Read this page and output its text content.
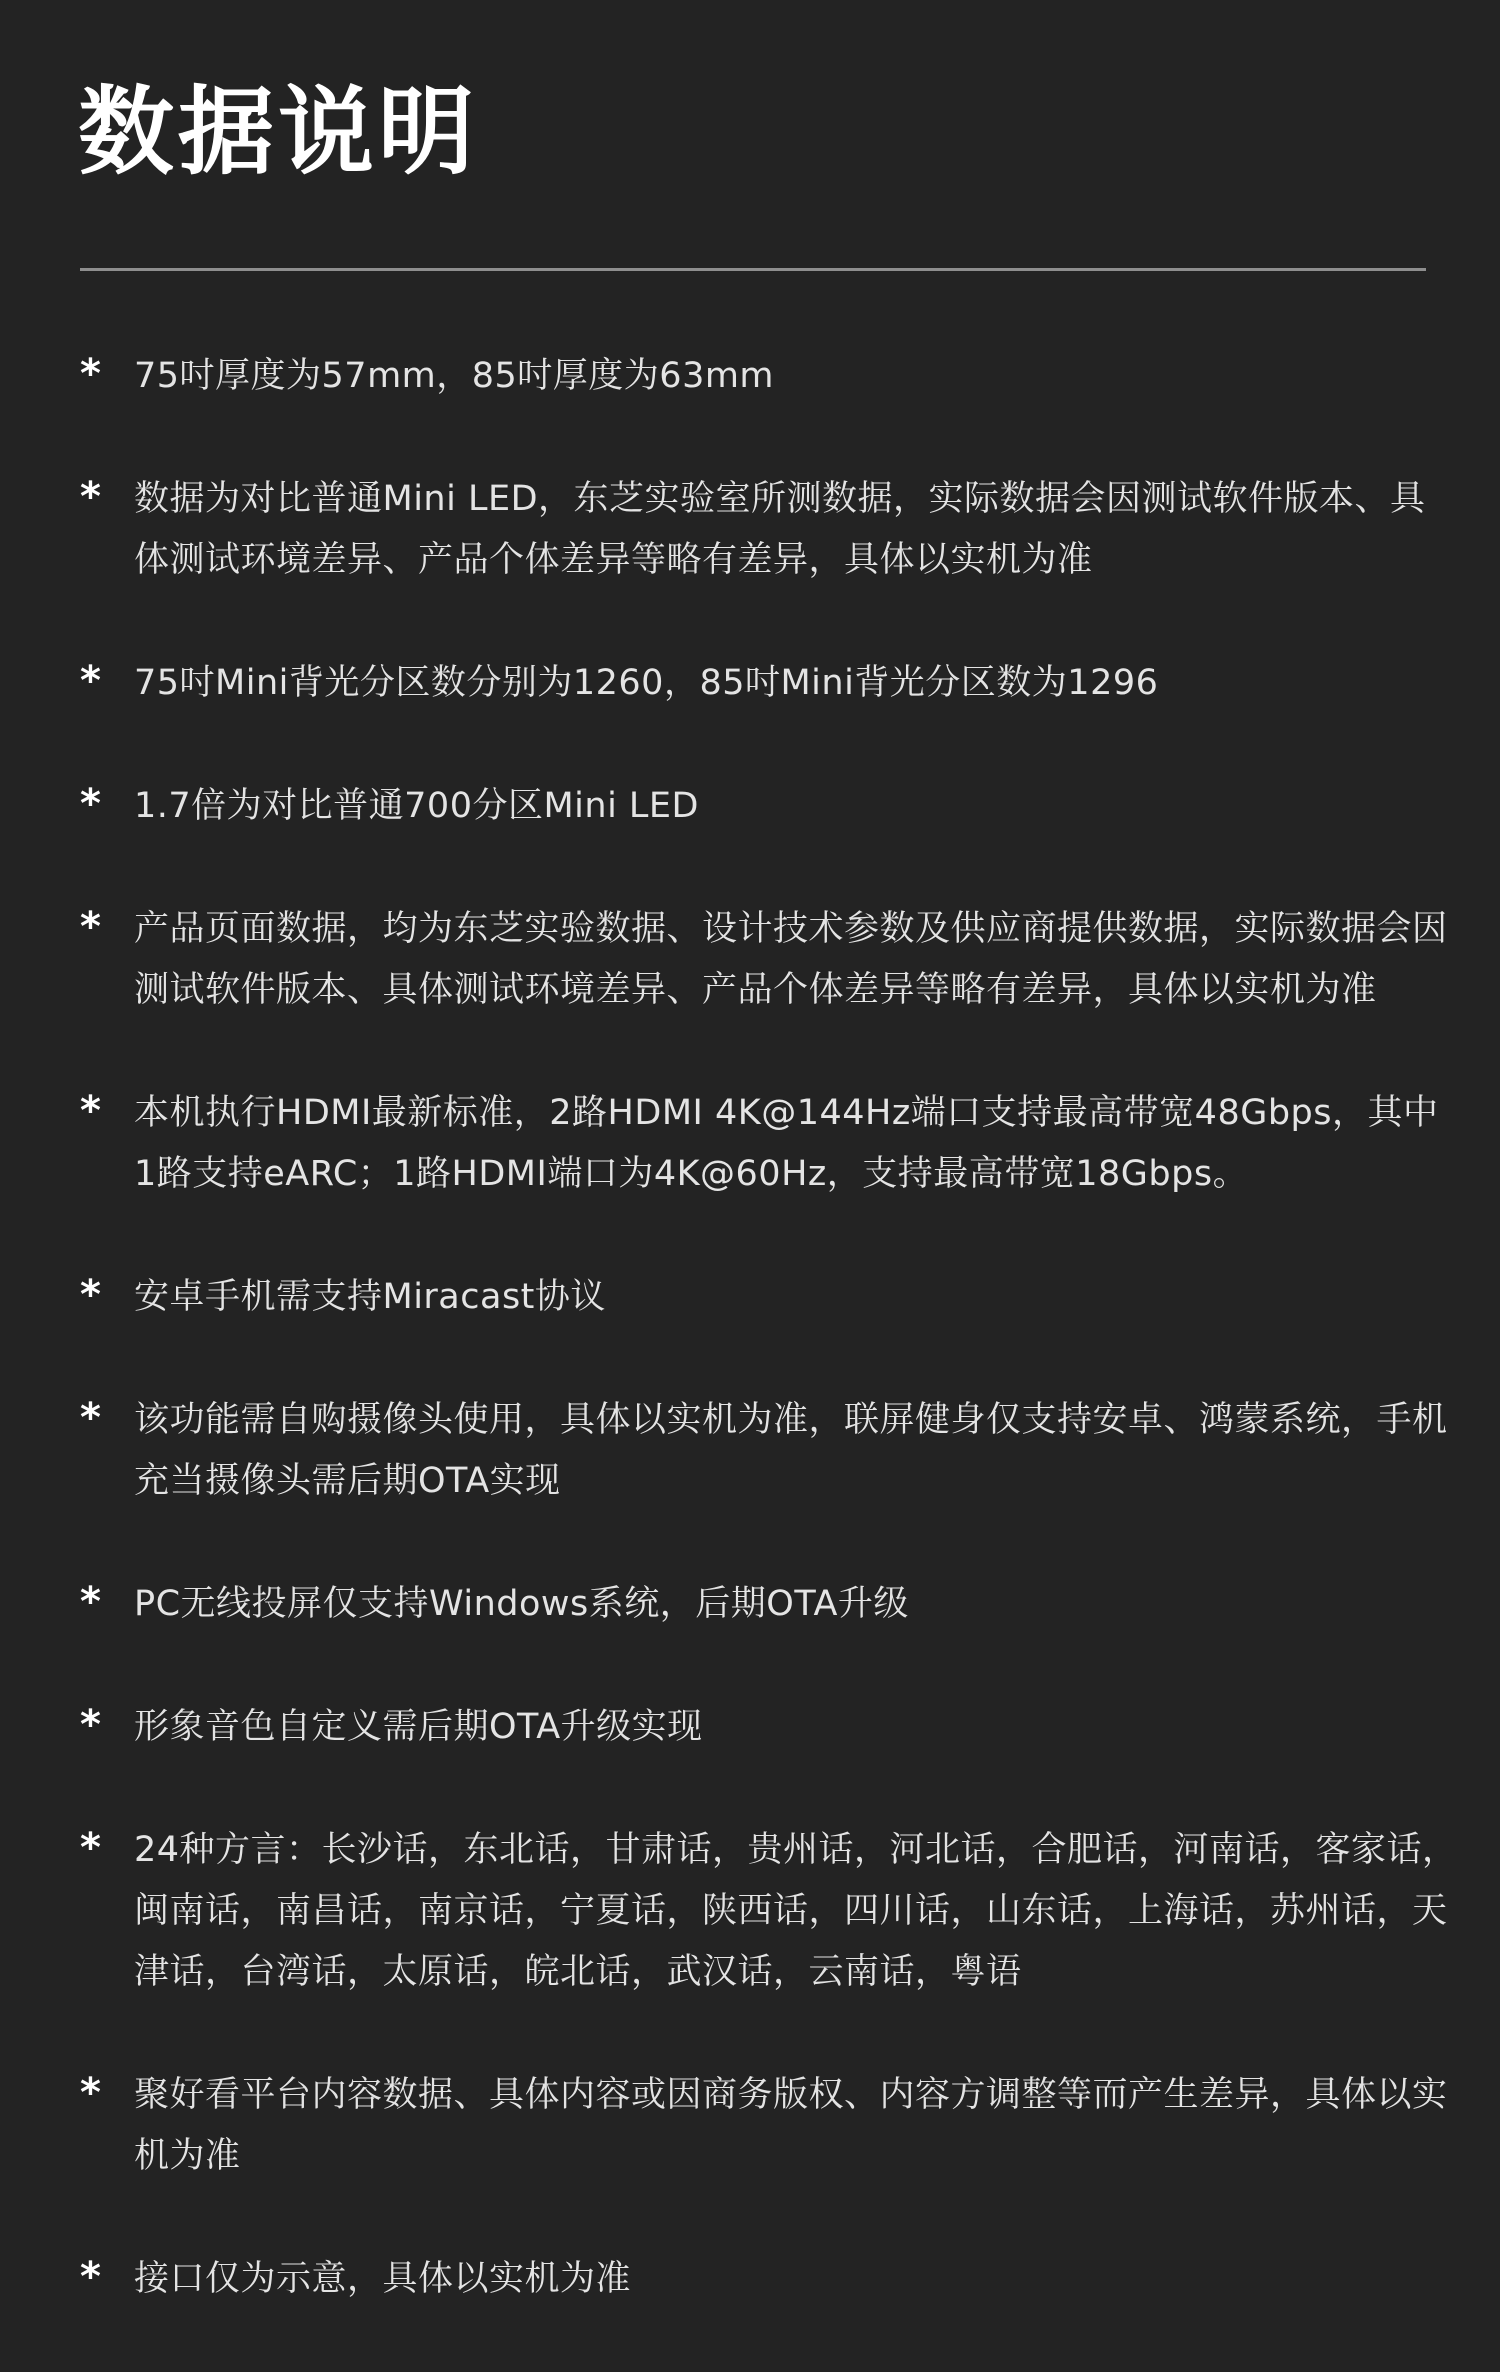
数据说明
* 75吋厚度为57mm，85吋厚度为63mm
* 数据为对比普通Mini LED，东芝实验室所测数据，实际数据会因测试软件版本、具体测试环境差异、产品个体差异等略有差异，具体以实机为准
* 75吋Mini背光分区数分别为1260，85吋Mini背光分区数为1296
* 1.7倍为对比普通700分区Mini LED
* 产品页面数据，均为东芝实验数据、设计技术参数及供应商提供数据，实际数据会因测试软件版本、具体测试环境差异、产品个体差异等略有差异，具体以实机为准
* 本机执行HDMI最新标准，2路HDMI 4K@144Hz端口支持最高带宽48Gbps，其中1路支持eARC；1路HDMI端口为4K@60Hz，支持最高带宽18Gbps。
* 安卓手机需支持Miracast协议
* 该功能需自购摄像头使用，具体以实机为准，联屏健身仅支持安卓、鸿蒙系统，手机充当摄像头需后期OTA实现
* PC无线投屏仅支持Windows系统，后期OTA升级
* 形象音色自定义需后期OTA升级实现
* 24种方言：长沙话，东北话，甘肃话，贵州话，河北话，合肥话，河南话，客家话，闽南话，南昌话，南京话，宁夏话，陕西话，四川话，山东话，上海话，苏州话，天津话，台湾话，太原话，皖北话，武汉话，云南话，粤语
* 聚好看平台内容数据、具体内容或因商务版权、内容方调整等而产生差异，具体以实机为准
* 接口仅为示意，具体以实机为准
